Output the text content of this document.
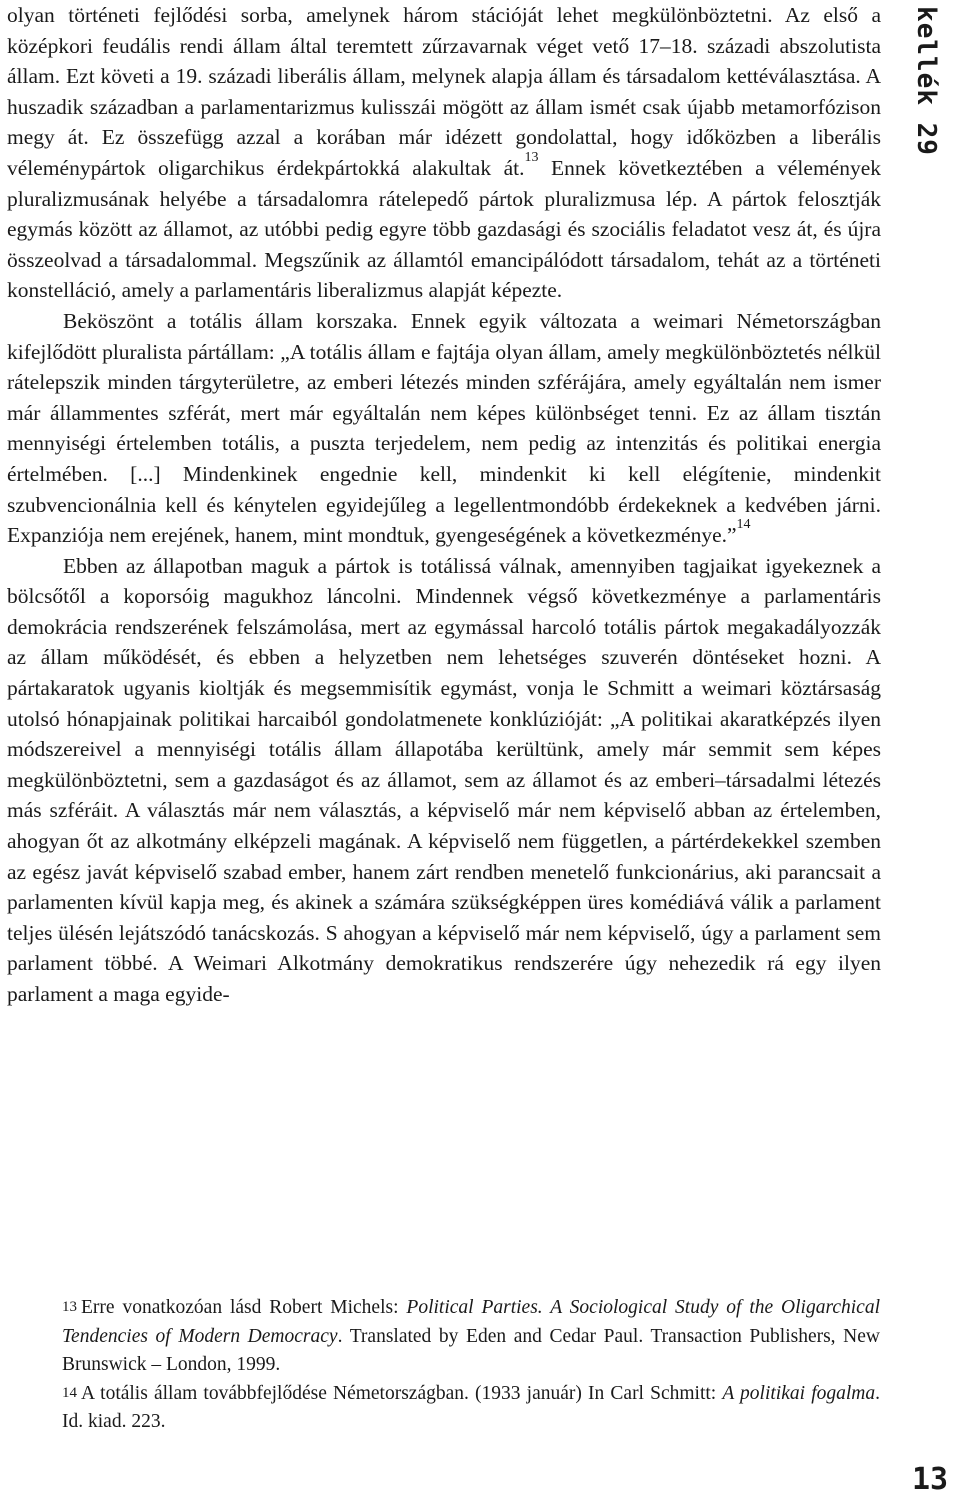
kellék 29

olyan történeti fejlődési sorba, amelynek három stációját lehet megkülönböztetni. Az első a középkori feudális rendi állam által teremtett zűrzavarnak véget vető 17–18. századi abszolutista állam. Ezt követi a 19. századi liberális állam, melynek alapja állam és társadalom kettéválasztása. A huszadik században a parlamentarizmus kulisszái mögött az állam ismét csak újabb metamorfózison megy át. Ez összefügg azzal a korában már idézett gondolattal, hogy időközben a liberális véleménypártok oligarchikus érdekpártokká alakultak át.$^{13}$ Ennek következtében a vélemények pluralizmusának helyébe a társadalomra rátelepedő pártok pluralizmusa lép. A pártok felosztják egymás között az államot, az utóbbi pedig egyre több gazdasági és szociális feladatot vesz át, és újra összeolvad a társadalommal. Megszűnik az államtól emancipálódott társadalom, tehát az a történeti konstelláció, amely a parlamentáris liberalizmus alapját képezte.

Beköszönt a totális állam korszaka. Ennek egyik változata a weimari Németországban kifejlődött pluralista pártállam: „A totális állam e fajtája olyan állam, amely megkülönböztetés nélkül rátelepszik minden tárgyterületre, az emberi létezés minden szférájára, amely egyáltalán nem ismer már állammentes szférát, mert már egyáltalán nem képes különbséget tenni. Ez az állam tisztán mennyiségi értelemben totális, a puszta terjedelem, nem pedig az intenzitás és politikai energia értelmében. [...] Mindenkinek engednie kell, mindenkit ki kell elégítenie, mindenkit szubvencionálnia kell és kénytelen egyidejűleg a legellentmondóbb érdekeknek a kedvében járni. Expanziója nem erejének, hanem, mint mondtuk, gyengeségének a következménye.”$^{14}$

Ebben az állapotban maguk a pártok is totálissá válnak, amennyiben tagjaikat igyekeznek a bölcsőtől a koporsóig magukhoz láncolni. Mindennek végső következménye a parlamentáris demokrácia rendszerének felszámolása, mert az egymással harcoló totális pártok megakadályozzák az állam működését, és ebben a helyzetben nem lehetséges szuverén döntéseket hozni. A pártakaratok ugyanis kioltják és megsemmisítik egymást, vonja le Schmitt a weimari köztársaság utolsó hónapjainak politikai harcaiból gondolatmenete konklúzióját: „A politikai akaratképzés ilyen módszereivel a mennyiségi totális állam állapotába kerültünk, amely már semmit sem képes megkülönböztetni, sem a gazdaságot és az államot, sem az államot és az emberi–társadalmi létezés más szféráit. A választás már nem választás, a képviselő már nem képviselő abban az értelemben, ahogyan őt az alkotmány elképzeli magának. A képviselő nem független, a pártérdekekkel szemben az egész javát képviselő szabad ember, hanem zárt rendben menetelő funkcionárius, aki parancsait a parlamenten kívül kapja meg, és akinek a számára szükségképpen üres komédiává válik a parlament teljes ülésén lejátszódó tanácskozás. S ahogyan a képviselő már nem képviselő, úgy a parlament sem parlament többé. A Weimari Alkotmány demokratikus rendszerére úgy nehezedik rá egy ilyen parlament a maga egyide-

$^{13}$ Erre vonatkozóan lásd Robert Michels: Political Parties. A Sociological Study of the Oligarchical Tendencies of Modern Democracy. Translated by Eden and Cedar Paul. Transaction Publishers, New Brunswick – London, 1999.

$^{14}$ A totális állam továbbfejlődése Németországban. (1933 január) In Carl Schmitt: A politikai fogalma. Id. kiad. 223.

13
